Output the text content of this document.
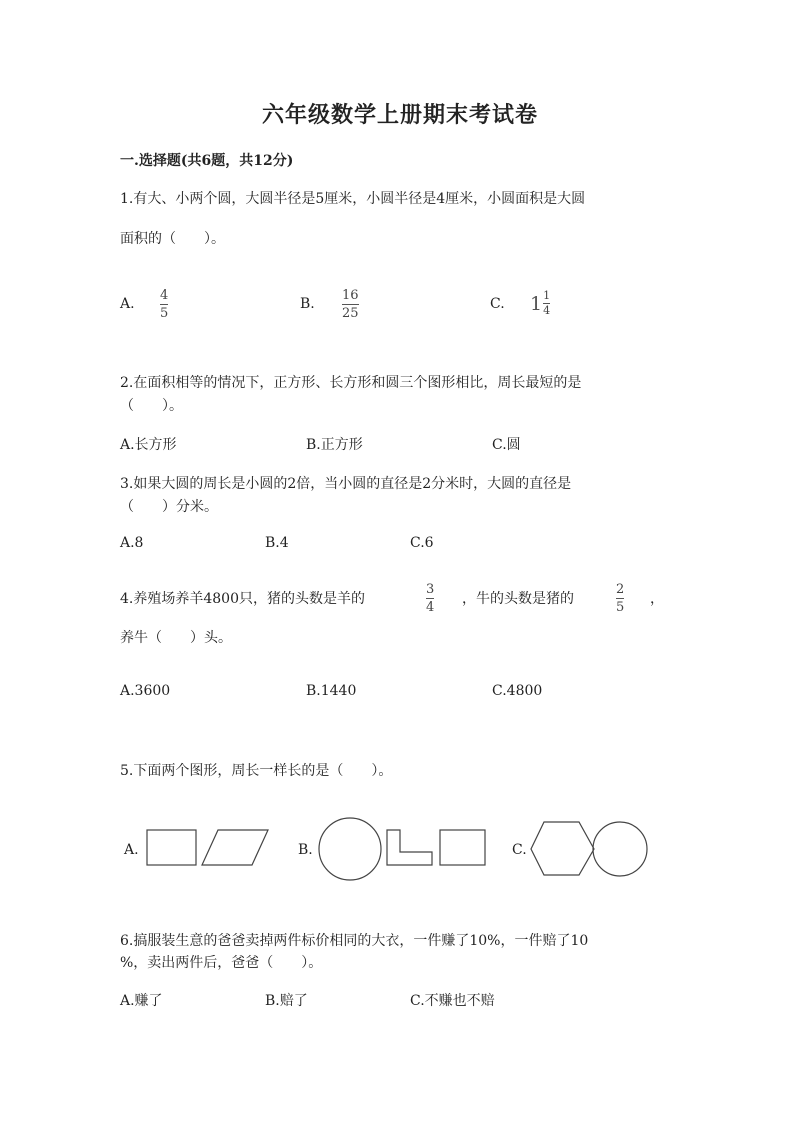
六年级数学上册期末考试卷
一.选择题(共6题，共12分)
1.有大、小两个圆，大圆半径是5厘米，小圆半径是4厘米，小圆面积是大圆
面积的（　　）。
A.
4
5
B.
16
25
C. $1 \frac{1}{4}$
2.在面积相等的情况下，正方形、长方形和圆三个图形相比，周长最短的是
（　　）。
A.长方形	B.正方形	C.圆
3.如果大圆的周长是小圆的2倍，当小圆的直径是2分米时，大圆的直径是
（　　）分米。
A.8	B.4	C.6
4.养殖场养羊4800只，猪的头数是羊的
3
4
，牛的头数是猪的
2
5
，
养牛（　　）头。
A.3600	B.1440	C.4800
5.下面两个图形，周长一样长的是（　　）。
A.	B.	C.
6.搞服装生意的爸爸卖掉两件标价相同的大衣，一件赚了10%，一件赔了10
%，卖出两件后，爸爸（　　）。
A.赚了	B.赔了	C.不赚也不赔
